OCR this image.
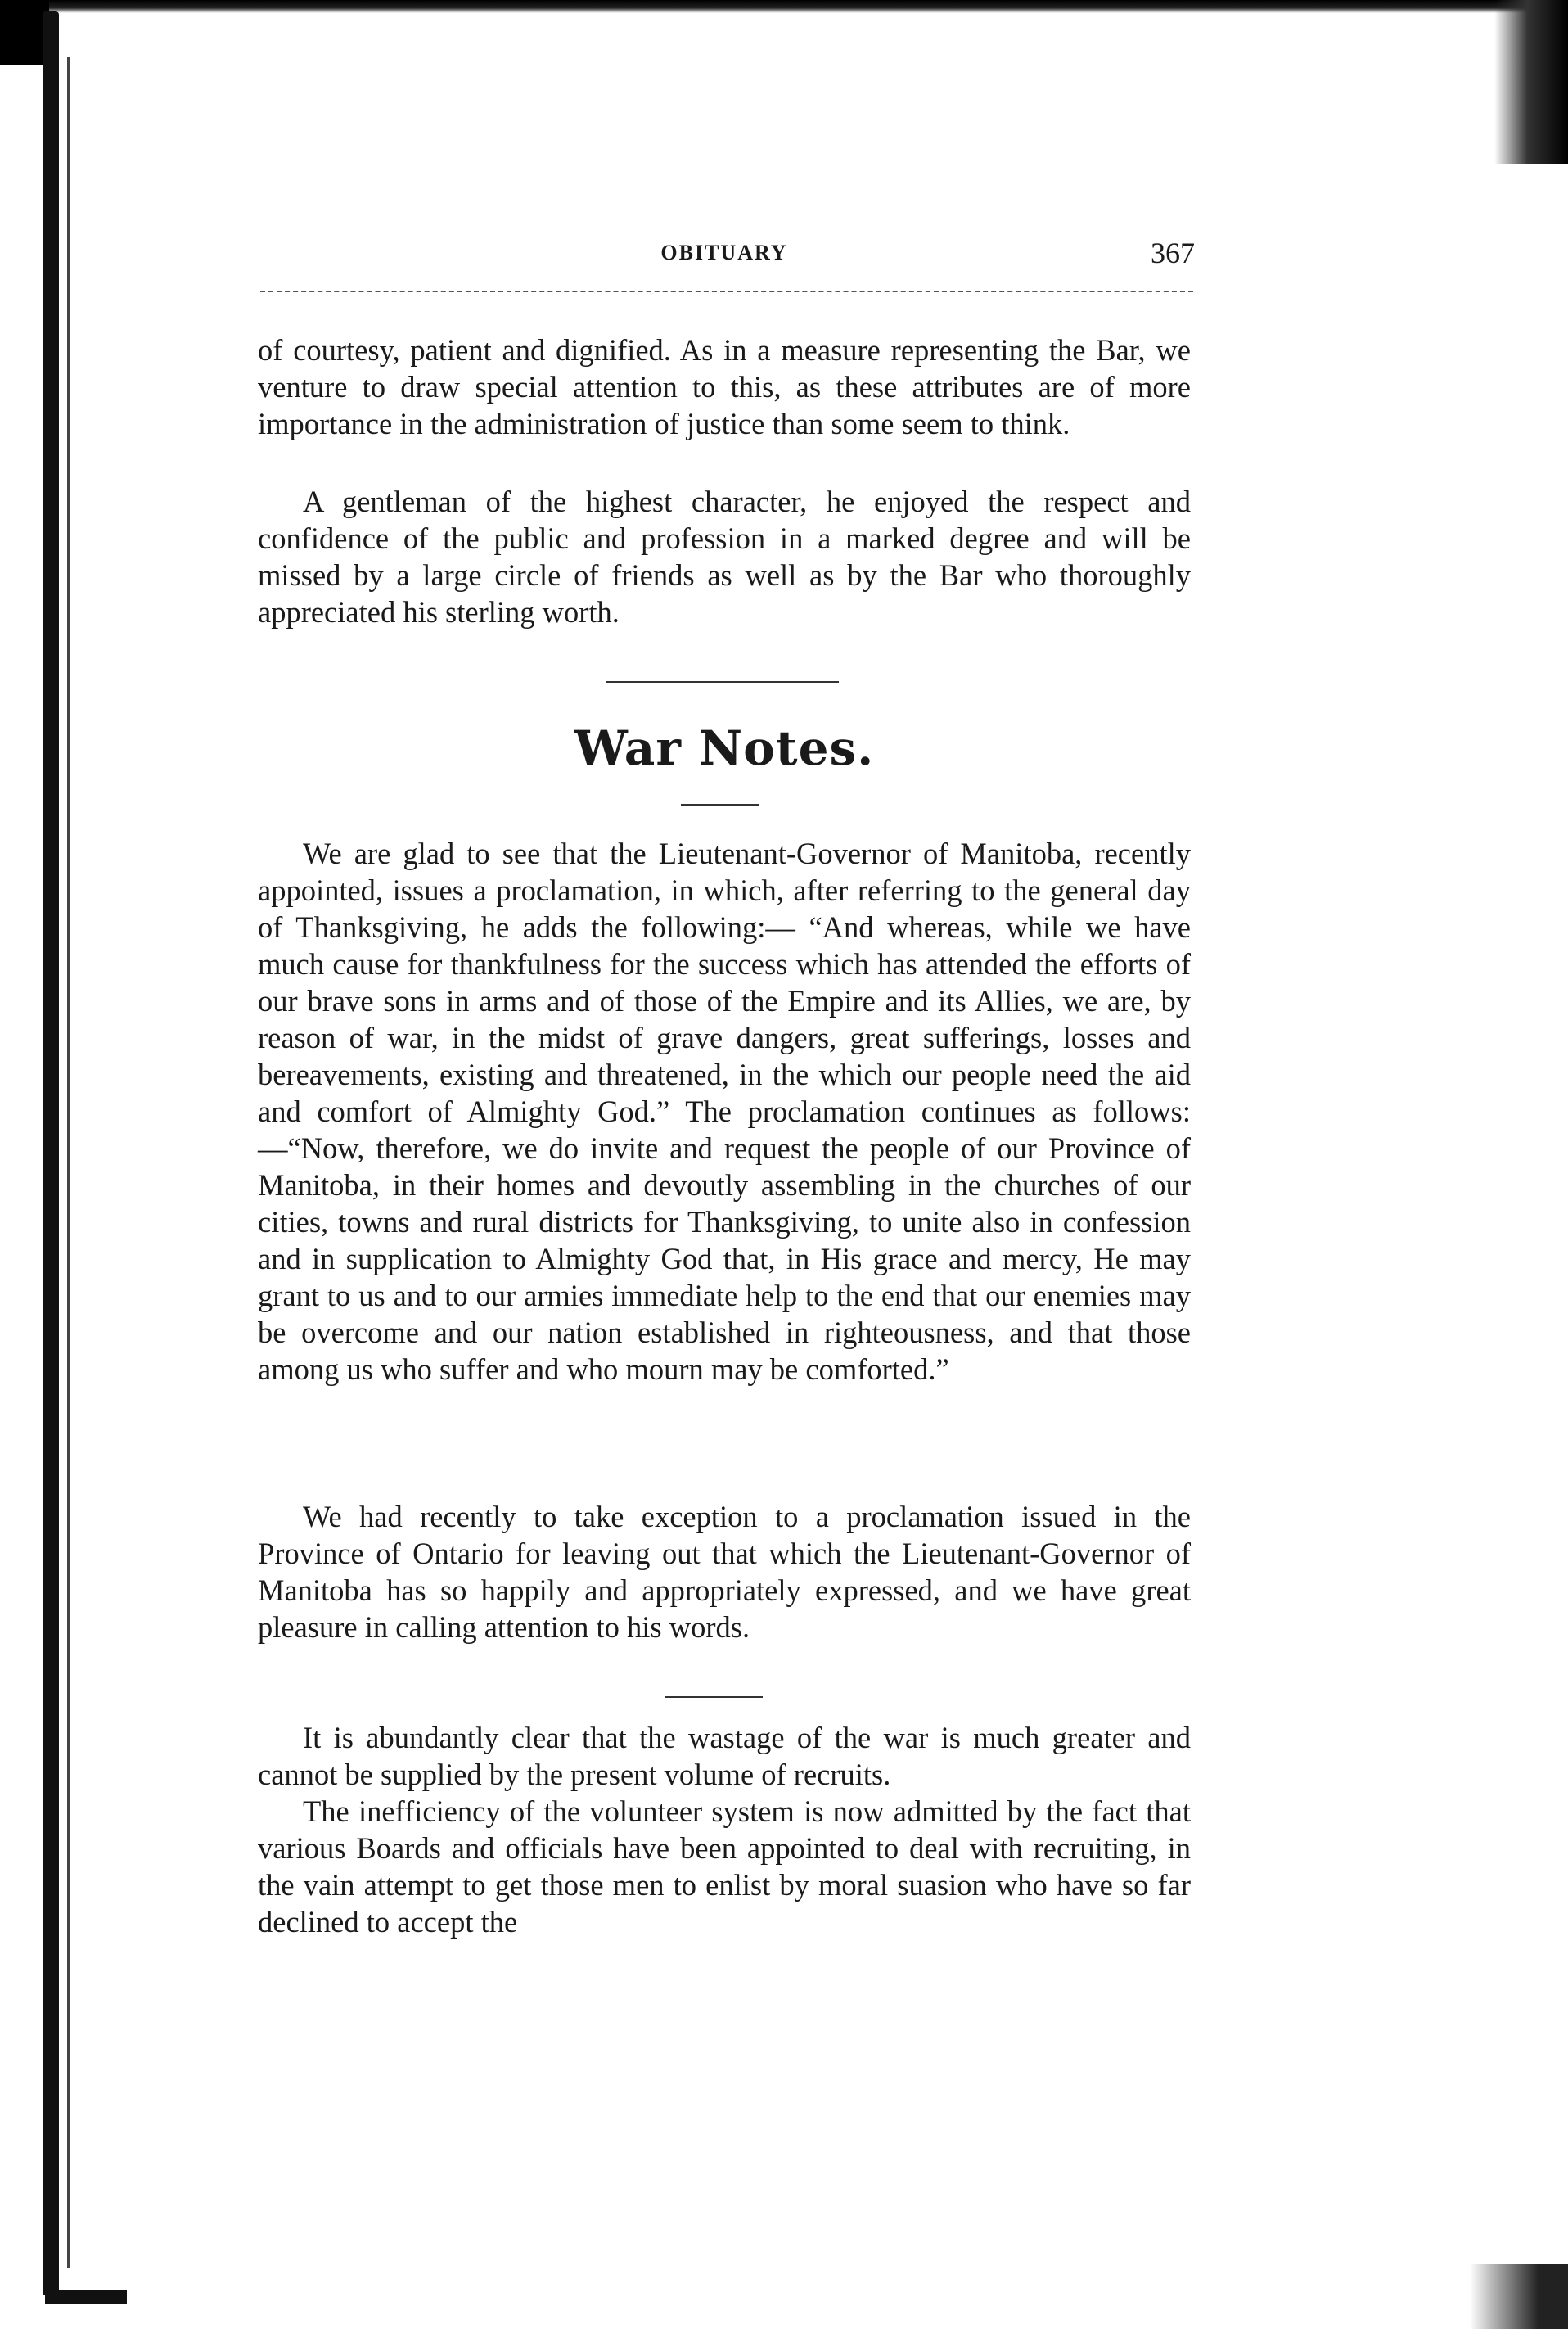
OBITUARY	367

of courtesy, patient and dignified. As in a measure representing the Bar, we venture to draw special attention to this, as these attributes are of more importance in the administration of justice than some seem to think.

A gentleman of the highest character, he enjoyed the respect and confidence of the public and profession in a marked degree and will be missed by a large circle of friends as well as by the Bar who thoroughly appreciated his sterling worth.

War Notes.

We are glad to see that the Lieutenant-Governor of Manitoba, recently appointed, issues a proclamation, in which, after referring to the general day of Thanksgiving, he adds the following:— “And whereas, while we have much cause for thankfulness for the success which has attended the efforts of our brave sons in arms and of those of the Empire and its Allies, we are, by reason of war, in the midst of grave dangers, great sufferings, losses and bereavements, existing and threatened, in the which our people need the aid and comfort of Almighty God.” The proclamation continues as follows:—“Now, therefore, we do invite and request the people of our Province of Manitoba, in their homes and devoutly assembling in the churches of our cities, towns and rural districts for Thanksgiving, to unite also in confession and in supplication to Almighty God that, in His grace and mercy, He may grant to us and to our armies immediate help to the end that our enemies may be overcome and our nation established in righteousness, and that those among us who suffer and who mourn may be comforted.”

We had recently to take exception to a proclamation issued in the Province of Ontario for leaving out that which the Lieutenant-Governor of Manitoba has so happily and appropriately expressed, and we have great pleasure in calling attention to his words.

It is abundantly clear that the wastage of the war is much greater and cannot be supplied by the present volume of recruits.

The inefficiency of the volunteer system is now admitted by the fact that various Boards and officials have been appointed to deal with recruiting, in the vain attempt to get those men to enlist by moral suasion who have so far declined to accept the
